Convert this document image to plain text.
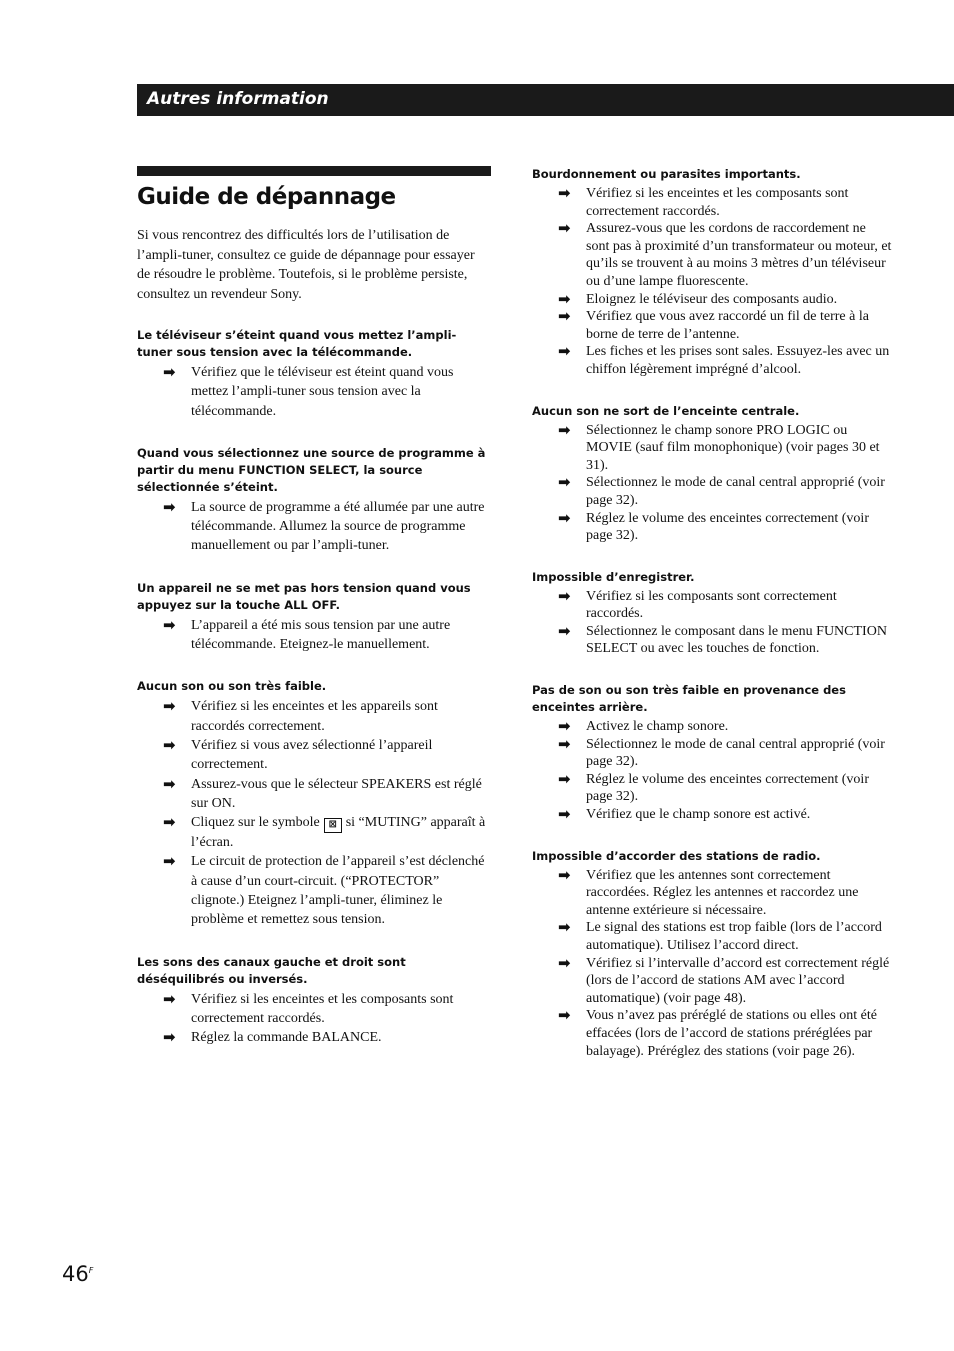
Autres information
Guide de dépannage

Si vous rencontrez des difficultés lors de l’utilisation de l’ampli-tuner, consultez ce guide de dépannage pour essayer de résoudre le problème. Toutefois, si le problème persiste, consultez un revendeur Sony.

Le téléviseur s’éteint quand vous mettez l’ampli-tuner sous tension avec la télécommande.
➡ Vérifiez que le téléviseur est éteint quand vous mettez l’ampli-tuner sous tension avec la télécommande.
Quand vous sélectionnez une source de programme à partir du menu FUNCTION SELECT, la source sélectionnée s’éteint.
➡ La source de programme a été allumée par une autre télécommande. Allumez la source de programme manuellement ou par l’ampli-tuner.
Un appareil ne se met pas hors tension quand vous appuyez sur la touche ALL OFF.
➡ L’appareil a été mis sous tension par une autre télécommande. Eteignez-le manuellement.
Aucun son ou son très faible.
➡ Vérifiez si les enceintes et les appareils sont raccordés correctement.
➡ Vérifiez si vous avez sélectionné l’appareil correctement.
➡ Assurez-vous que le sélecteur SPEAKERS est réglé sur ON.
➡ Cliquez sur le symbole ⊠ si “MUTING” apparaît à l’écran.
➡ Le circuit de protection de l’appareil s’est déclenché à cause d’un court-circuit. (“PROTECTOR” clignote.) Eteignez l’ampli-tuner, éliminez le problème et remettez sous tension.
Les sons des canaux gauche et droit sont déséquilibrés ou inversés.
➡ Vérifiez si les enceintes et les composants sont correctement raccordés.
➡ Réglez la commande BALANCE.
Bourdonnement ou parasites importants.
➡ Vérifiez si les enceintes et les composants sont correctement raccordés.
➡ Assurez-vous que les cordons de raccordement ne sont pas à proximité d’un transformateur ou moteur, et qu’ils se trouvent à au moins 3 mètres d’un téléviseur ou d’une lampe fluorescente.
➡ Eloignez le téléviseur des composants audio.
➡ Vérifiez que vous avez raccordé un fil de terre à la borne de terre de l’antenne.
➡ Les fiches et les prises sont sales. Essuyez-les avec un chiffon légèrement imprégné d’alcool.
Aucun son ne sort de l’enceinte centrale.
➡ Sélectionnez le champ sonore PRO LOGIC ou MOVIE (sauf film monophonique) (voir pages 30 et 31).
➡ Sélectionnez le mode de canal central approprié (voir page 32).
➡ Réglez le volume des enceintes correctement (voir page 32).
Impossible d’enregistrer.
➡ Vérifiez si les composants sont correctement raccordés.
➡ Sélectionnez le composant dans le menu FUNCTION SELECT ou avec les touches de fonction.
Pas de son ou son très faible en provenance des enceintes arrière.
➡ Activez le champ sonore.
➡ Sélectionnez le mode de canal central approprié (voir page 32).
➡ Réglez le volume des enceintes correctement (voir page 32).
➡ Vérifiez que le champ sonore est activé.
Impossible d’accorder des stations de radio.
➡ Vérifiez que les antennes sont correctement raccordées. Réglez les antennes et raccordez une antenne extérieure si nécessaire.
➡ Le signal des stations est trop faible (lors de l’accord automatique). Utilisez l’accord direct.
➡ Vérifiez si l’intervalle d’accord est correctement réglé (lors de l’accord de stations AM avec l’accord automatique) (voir page 48).
➡ Vous n’avez pas préréglé de stations ou elles ont été effacées (lors de l’accord de stations préréglées par balayage). Préréglez des stations (voir page 26).
$46^F$
